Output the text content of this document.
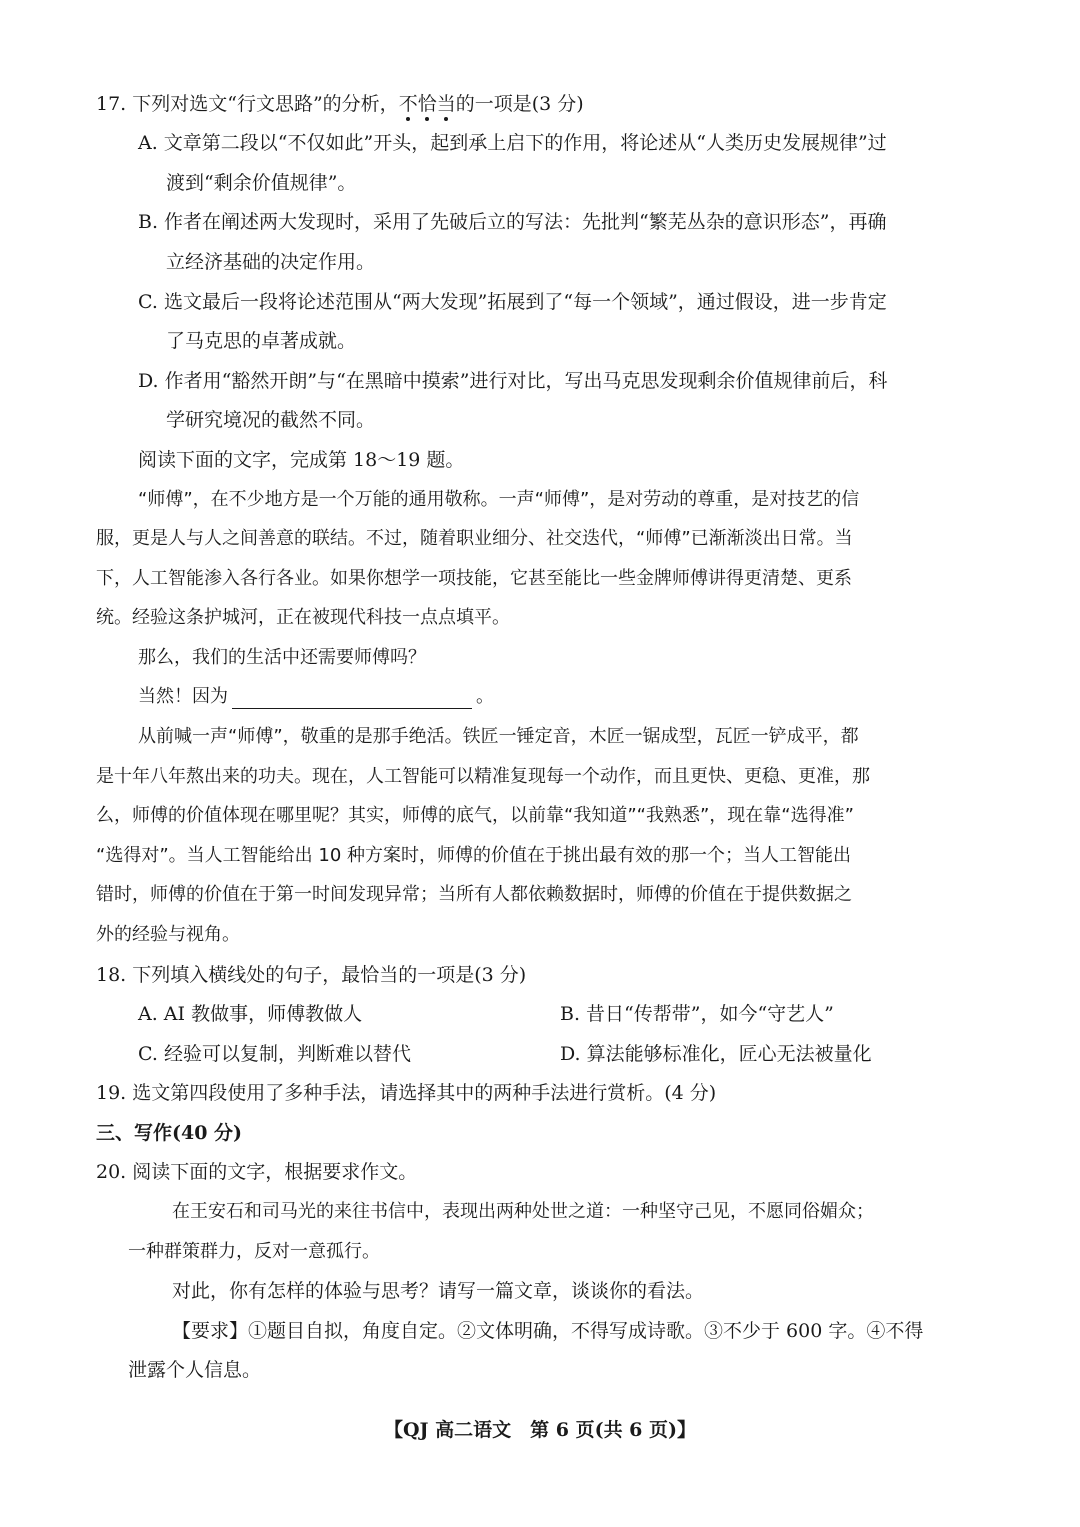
17. 下列对选文“行文思路”的分析，不恰当的一项是(3 分)
A. 文章第二段以“不仅如此”开头，起到承上启下的作用，将论述从“人类历史发展规律”过
渡到“剩余价值规律”。
B. 作者在阐述两大发现时，采用了先破后立的写法：先批判“繁芜丛杂的意识形态”，再确
立经济基础的决定作用。
C. 选文最后一段将论述范围从“两大发现”拓展到了“每一个领域”，通过假设，进一步肯定
了马克思的卓著成就。
D. 作者用“豁然开朗”与“在黑暗中摸索”进行对比，写出马克思发现剩余价值规律前后，科
学研究境况的截然不同。
阅读下面的文字，完成第 18～19 题。
“师傅”，在不少地方是一个万能的通用敬称。一声“师傅”，是对劳动的尊重，是对技艺的信
服，更是人与人之间善意的联结。不过，随着职业细分、社交迭代，“师傅”已渐渐淡出日常。当
下，人工智能渗入各行各业。如果你想学一项技能，它甚至能比一些金牌师傅讲得更清楚、更系
统。经验这条护城河，正在被现代科技一点点填平。
那么，我们的生活中还需要师傅吗？
当然！因为	。
从前喊一声“师傅”，敬重的是那手绝活。铁匠一锤定音，木匠一锯成型，瓦匠一铲成平，都
是十年八年熬出来的功夫。现在，人工智能可以精准复现每一个动作，而且更快、更稳、更准，那
么，师傅的价值体现在哪里呢？其实，师傅的底气，以前靠“我知道”“我熟悉”，现在靠“选得准”
“选得对”。当人工智能给出 10 种方案时，师傅的价值在于挑出最有效的那一个；当人工智能出
错时，师傅的价值在于第一时间发现异常；当所有人都依赖数据时，师傅的价值在于提供数据之
外的经验与视角。
18. 下列填入横线处的句子，最恰当的一项是(3 分)
A. AI 教做事，师傅教做人	B. 昔日“传帮带”，如今“守艺人”
C. 经验可以复制，判断难以替代	D. 算法能够标准化，匠心无法被量化
19. 选文第四段使用了多种手法，请选择其中的两种手法进行赏析。(4 分)
三、写作(40 分)
20. 阅读下面的文字，根据要求作文。
在王安石和司马光的来往书信中，表现出两种处世之道：一种坚守己见，不愿同俗媚众；
一种群策群力，反对一意孤行。
对此，你有怎样的体验与思考？请写一篇文章，谈谈你的看法。
【要求】①题目自拟，角度自定。②文体明确，不得写成诗歌。③不少于 600 字。④不得
泄露个人信息。
【QJ 高二语文　第 6 页(共 6 页)】
